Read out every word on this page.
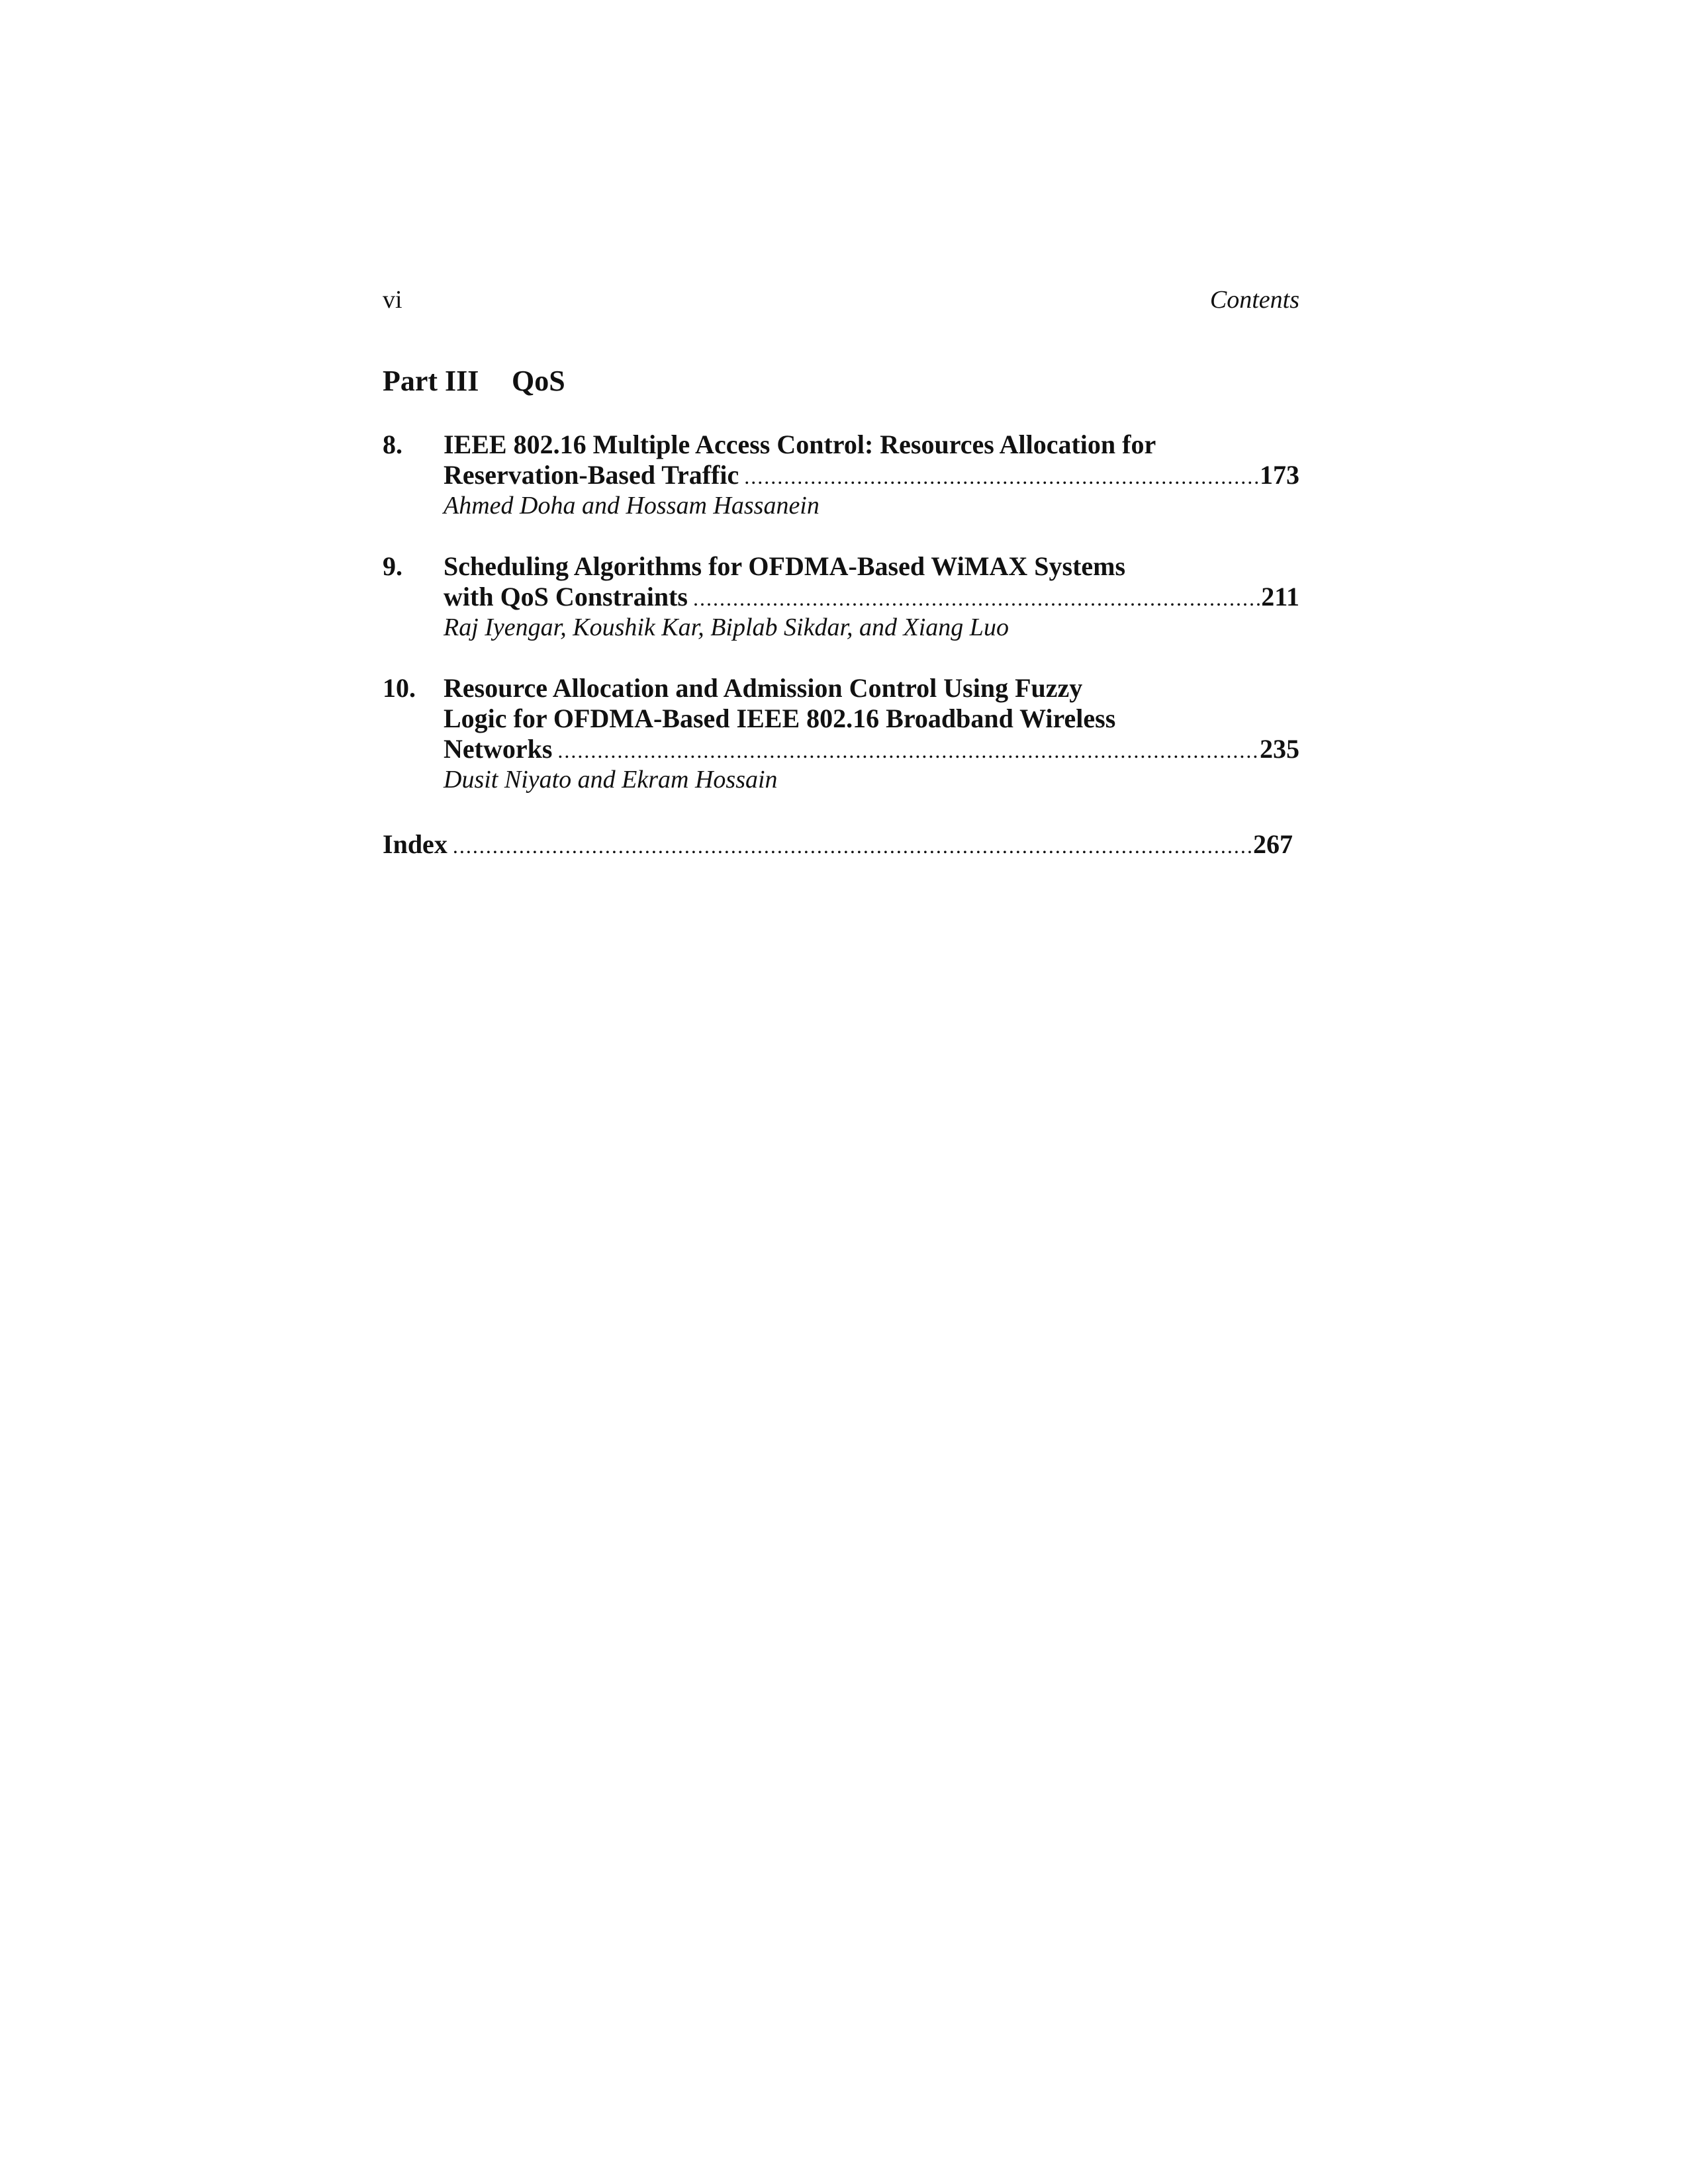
vi	Contents
Part III QoS
8. IEEE 802.16 Multiple Access Control: Resources Allocation for
Reservation-Based Traffic .....	173
Ahmed Doha and Hossam Hassanein
9. Scheduling Algorithms for OFDMA-Based WiMAX Systems
with QoS Constraints .....	211
Raj Iyengar, Koushik Kar, Biplab Sikdar, and Xiang Luo
10. Resource Allocation and Admission Control Using Fuzzy
Logic for OFDMA-Based IEEE 802.16 Broadband Wireless
Networks .....	235
Dusit Niyato and Ekram Hossain
Index .....	267
